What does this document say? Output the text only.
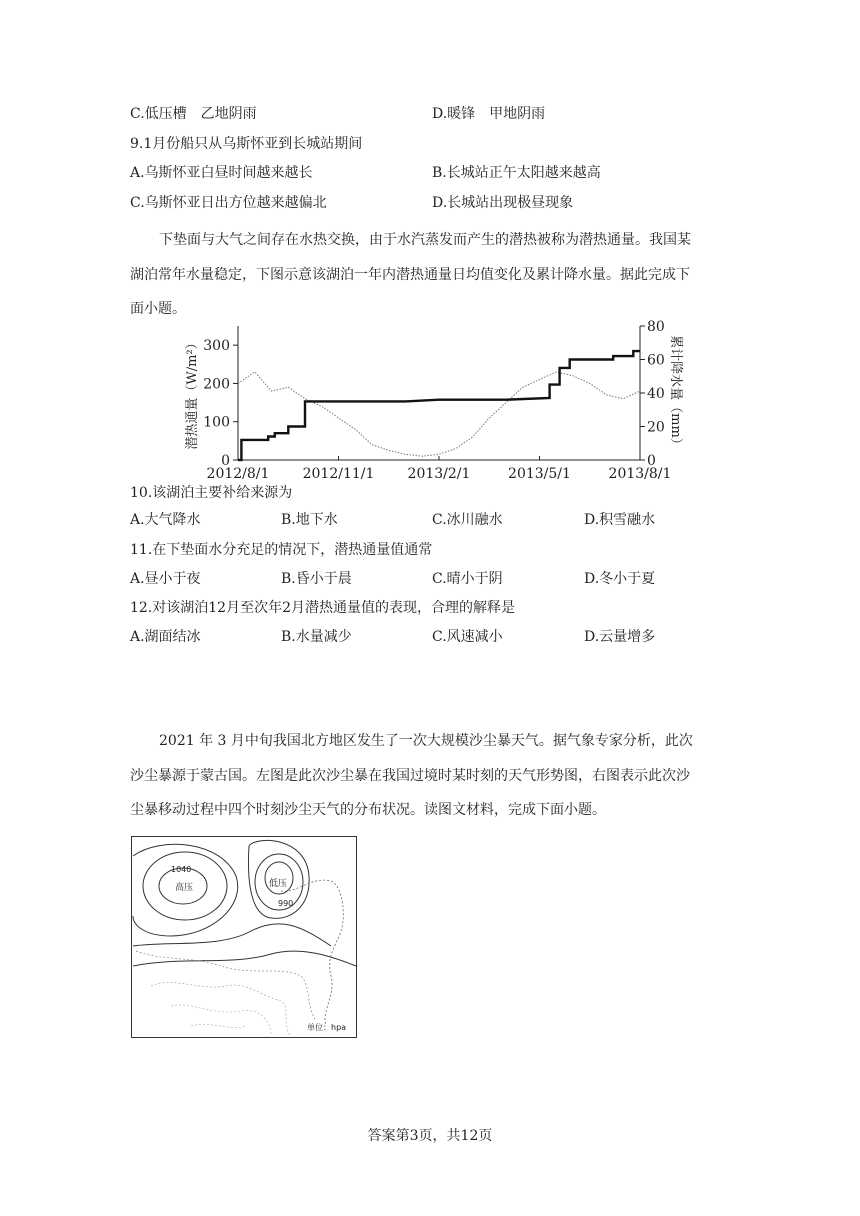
C.低压槽　乙地阴雨	D.暖锋　甲地阴雨
9.1月份船只从乌斯怀亚到长城站期间
A.乌斯怀亚白昼时间越来越长	B.长城站正午太阳越来越高
C.乌斯怀亚日出方位越来越偏北	D.长城站出现极昼现象
下垫面与大气之间存在水热交换，由于水汽蒸发而产生的潜热被称为潜热通量。我国某
湖泊常年水量稳定，下图示意该湖泊一年内潜热通量日均值变化及累计降水量。据此完成下
面小题。
0
100
200
300
0
20
40
60
80
2012/8/1 2012/11/1 2013/2/1	2013/5/1	2013/8/1
潜热通量（W/m²）	累计降水量（mm）
10.该湖泊主要补给来源为
A.大气降水	B.地下水	C.冰川融水	D.积雪融水
11.在下垫面水分充足的情况下，潜热通量值通常
A.昼小于夜	B.昏小于晨	C.晴小于阴	D.冬小于夏
12.对该湖泊12月至次年2月潜热通量值的表现，合理的解释是
A.湖面结冰	B.水量减少	C.风速减小	D.云量增多
2021 年 3 月中旬我国北方地区发生了一次大规模沙尘暴天气。据气象专家分析，此次
沙尘暴源于蒙古国。左图是此次沙尘暴在我国过境时某时刻的天气形势图，右图表示此次沙
尘暴移动过程中四个时刻沙尘天气的分布状况。读图文材料，完成下面小题。
1040
高压	低压
990
单位：hpa
答案第3页，共12页
